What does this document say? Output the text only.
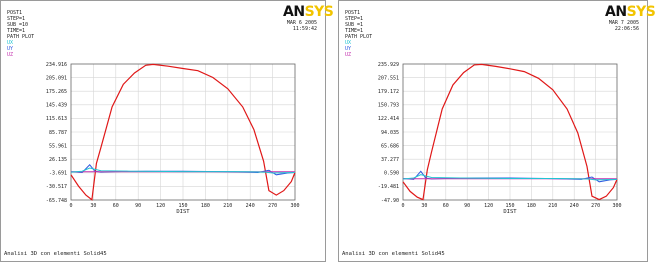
POST1
STEP=1
SUB =10
TIME=1
PATH PLOT
UX
UY
UZ
ANSYS
MAR 6 2005
11:59:42
0	30	60	90	120	150	180	210	240	270	300
-65.748
-30.517
-3.691
26.135
55.961
85.787
115.613
145.439
175.265
205.091
234.916
DIST
Analisi 3D con elementi Solid45
POST1
STEP=1
SUB =1
TIME=1
PATH PLOT
UX
UY
UZ
ANSYS
MAR 7 2005
22:06:56
0	30	60	90	120 150 180 210 240 270 300
-47.90
-19.481
0.590
37.277
65.686
94.035
122.414
150.793
179.172
207.551
235.929
DIST
Analisi 3D con elementi Solid45
